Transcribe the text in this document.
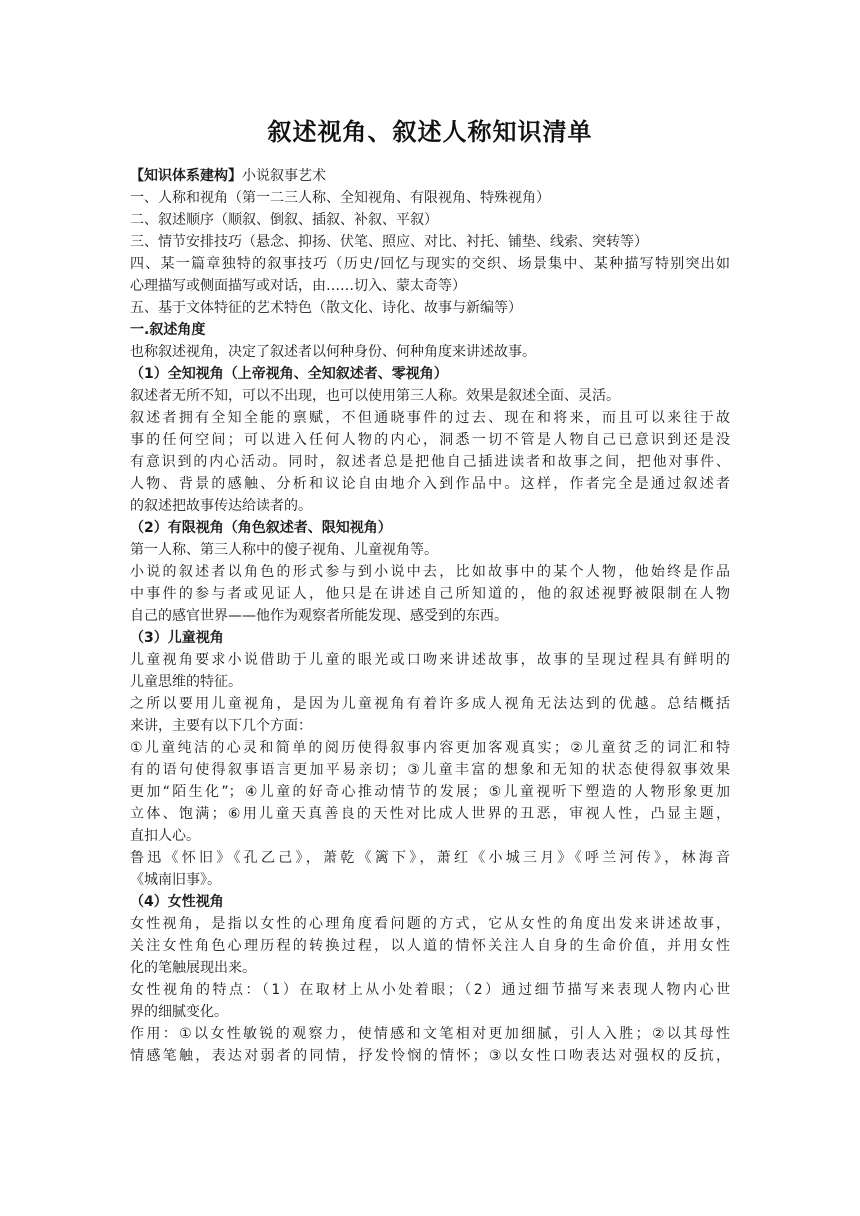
叙述视角、叙述人称知识清单
【知识体系建构】小说叙事艺术
一、人称和视角（第一二三人称、全知视角、有限视角、特殊视角）
二、叙述顺序（顺叙、倒叙、插叙、补叙、平叙）
三、情节安排技巧（悬念、抑扬、伏笔、照应、对比、衬托、铺垫、线索、突转等）
四、某一篇章独特的叙事技巧（历史/回忆与现实的交织、场景集中、某种描写特别突出如
心理描写或侧面描写或对话，由……切入、蒙太奇等）
五、基于文体特征的艺术特色（散文化、诗化、故事与新编等）
一.叙述角度
也称叙述视角，决定了叙述者以何种身份、何种角度来讲述故事。
（1）全知视角（上帝视角、全知叙述者、零视角）
叙述者无所不知，可以不出现，也可以使用第三人称。效果是叙述全面、灵活。
叙述者拥有全知全能的禀赋，不但通晓事件的过去、现在和将来，而且可以来往于故
事的任何空间；可以进入任何人物的内心，洞悉一切不管是人物自己已意识到还是没
有意识到的内心活动。同时，叙述者总是把他自己插进读者和故事之间，把他对事件、
人物、背景的感触、分析和议论自由地介入到作品中。这样，作者完全是通过叙述者
的叙述把故事传达给读者的。
（2）有限视角（角色叙述者、限知视角）
第一人称、第三人称中的傻子视角、儿童视角等。
小说的叙述者以角色的形式参与到小说中去，比如故事中的某个人物，他始终是作品
中事件的参与者或见证人，他只是在讲述自己所知道的，他的叙述视野被限制在人物
自己的感官世界——他作为观察者所能发现、感受到的东西。
（3）儿童视角
儿童视角要求小说借助于儿童的眼光或口吻来讲述故事，故事的呈现过程具有鲜明的
儿童思维的特征。
之所以要用儿童视角，是因为儿童视角有着许多成人视角无法达到的优越。总结概括
来讲，主要有以下几个方面：
①儿童纯洁的心灵和简单的阅历使得叙事内容更加客观真实；②儿童贫乏的词汇和特
有的语句使得叙事语言更加平易亲切；③儿童丰富的想象和无知的状态使得叙事效果
更加“陌生化”；④儿童的好奇心推动情节的发展；⑤儿童视听下塑造的人物形象更加
立体、饱满；⑥用儿童天真善良的天性对比成人世界的丑恶，审视人性，凸显主题，
直扣人心。
鲁迅《怀旧》《孔乙己》，萧乾《篱下》，萧红《小城三月》《呼兰河传》，林海音
《城南旧事》。
（4）女性视角
女性视角，是指以女性的心理角度看问题的方式，它从女性的角度出发来讲述故事，
关注女性角色心理历程的转换过程，以人道的情怀关注人自身的生命价值，并用女性
化的笔触展现出来。
女性视角的特点：（1）在取材上从小处着眼；（2）通过细节描写来表现人物内心世
界的细腻变化。
作用：①以女性敏锐的观察力，使情感和文笔相对更加细腻，引人入胜；②以其母性
情感笔触，表达对弱者的同情，抒发怜悯的情怀；③以女性口吻表达对强权的反抗，
